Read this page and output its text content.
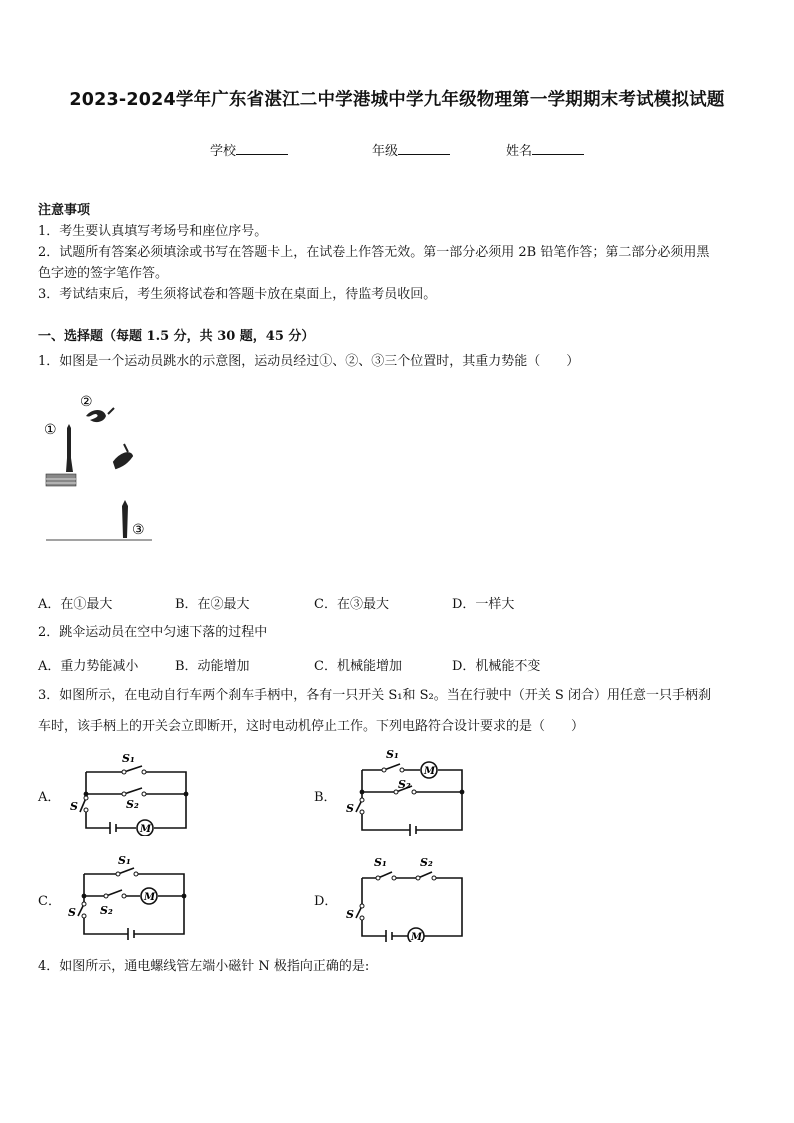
2023-2024学年广东省湛江二中学港城中学九年级物理第一学期期末考试模拟试题
学校	年级	姓名
注意事项
1．考生要认真填写考场号和座位序号。
2．试题所有答案必须填涂或书写在答题卡上，在试卷上作答无效。第一部分必须用 2B 铅笔作答；第二部分必须用黑
色字迹的签字笔作答。
3．考试结束后，考生须将试卷和答题卡放在桌面上，待监考员收回。
一、选择题（每题 1.5 分，共 30 题，45 分）
1．如图是一个运动员跳水的示意图，运动员经过①、②、③三个位置时，其重力势能（　　）
①
②
③
A．在①最大	B．在②最大	C．在③最大	D．一样大
2．跳伞运动员在空中匀速下落的过程中
A．重力势能减小	B．动能增加	C．机械能增加	D．机械能不变
3．如图所示，在电动自行车两个刹车手柄中，各有一只开关 S₁和 S₂。当在行驶中（开关 S 闭合）用任意一只手柄刹
车时，该手柄上的开关会立即断开，这时电动机停止工作。下列电路符合设计要求的是（　　）
A．	B．
C．	D．
M
S₁
S₂
S
M
S₁
S₂
S
M
S₁
S₂
S
M
S₁	S₂
S
4．如图所示，通电螺线管左端小磁针 N 极指向正确的是:
